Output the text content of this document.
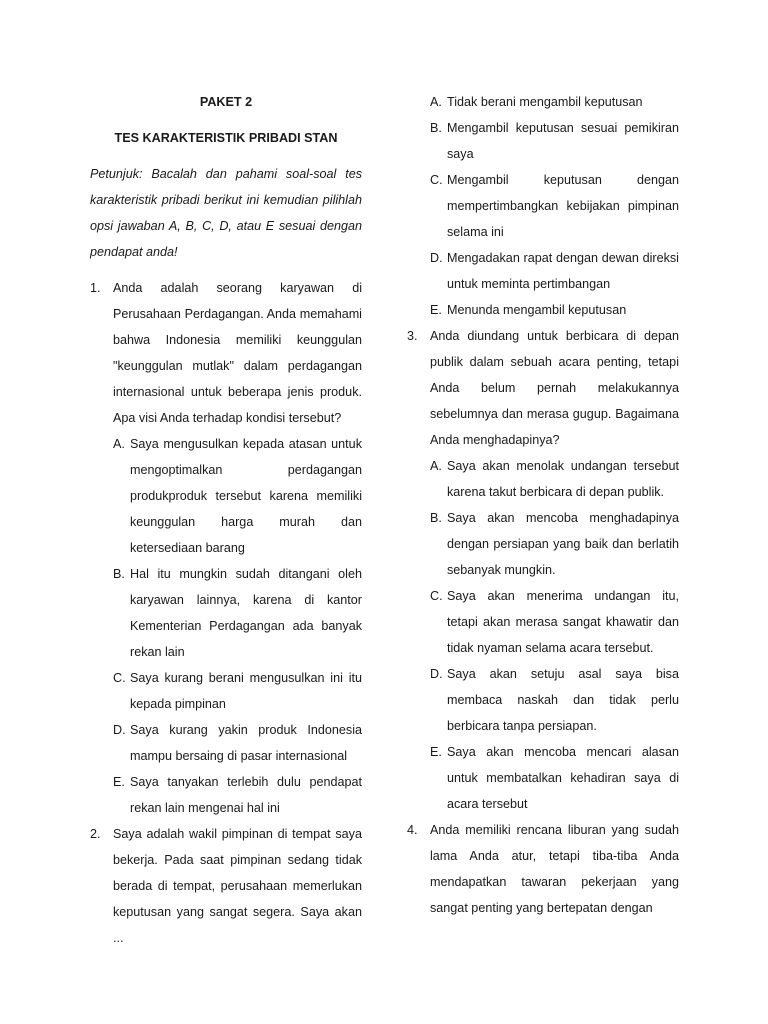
PAKET 2

TES KARAKTERISTIK PRIBADI STAN

Petunjuk: Bacalah dan pahami soal-soal tes karakteristik pribadi berikut ini kemudian pilihlah opsi jawaban A, B, C, D, atau E sesuai dengan pendapat anda!

1. Anda adalah seorang karyawan di Perusahaan Perdagangan. Anda memahami bahwa Indonesia memiliki keunggulan "keunggulan mutlak" dalam perdagangan internasional untuk beberapa jenis produk. Apa visi Anda terhadap kondisi tersebut?
A. Saya mengusulkan kepada atasan untuk mengoptimalkan perdagangan produkproduk tersebut karena memiliki keunggulan harga murah dan ketersediaan barang
B. Hal itu mungkin sudah ditangani oleh karyawan lainnya, karena di kantor Kementerian Perdagangan ada banyak rekan lain
C. Saya kurang berani mengusulkan ini itu kepada pimpinan
D. Saya kurang yakin produk Indonesia mampu bersaing di pasar internasional
E. Saya tanyakan terlebih dulu pendapat rekan lain mengenai hal ini
2. Saya adalah wakil pimpinan di tempat saya bekerja. Pada saat pimpinan sedang tidak berada di tempat, perusahaan memerlukan keputusan yang sangat segera. Saya akan ...
A. Tidak berani mengambil keputusan
B. Mengambil keputusan sesuai pemikiran saya
C. Mengambil keputusan dengan mempertimbangkan kebijakan pimpinan selama ini
D. Mengadakan rapat dengan dewan direksi untuk meminta pertimbangan
E. Menunda mengambil keputusan
3. Anda diundang untuk berbicara di depan publik dalam sebuah acara penting, tetapi Anda belum pernah melakukannya sebelumnya dan merasa gugup. Bagaimana Anda menghadapinya?
A. Saya akan menolak undangan tersebut karena takut berbicara di depan publik.
B. Saya akan mencoba menghadapinya dengan persiapan yang baik dan berlatih sebanyak mungkin.
C. Saya akan menerima undangan itu, tetapi akan merasa sangat khawatir dan tidak nyaman selama acara tersebut.
D. Saya akan setuju asal saya bisa membaca naskah dan tidak perlu berbicara tanpa persiapan.
E. Saya akan mencoba mencari alasan untuk membatalkan kehadiran saya di acara tersebut
4. Anda memiliki rencana liburan yang sudah lama Anda atur, tetapi tiba-tiba Anda mendapatkan tawaran pekerjaan yang sangat penting yang bertepatan dengan
